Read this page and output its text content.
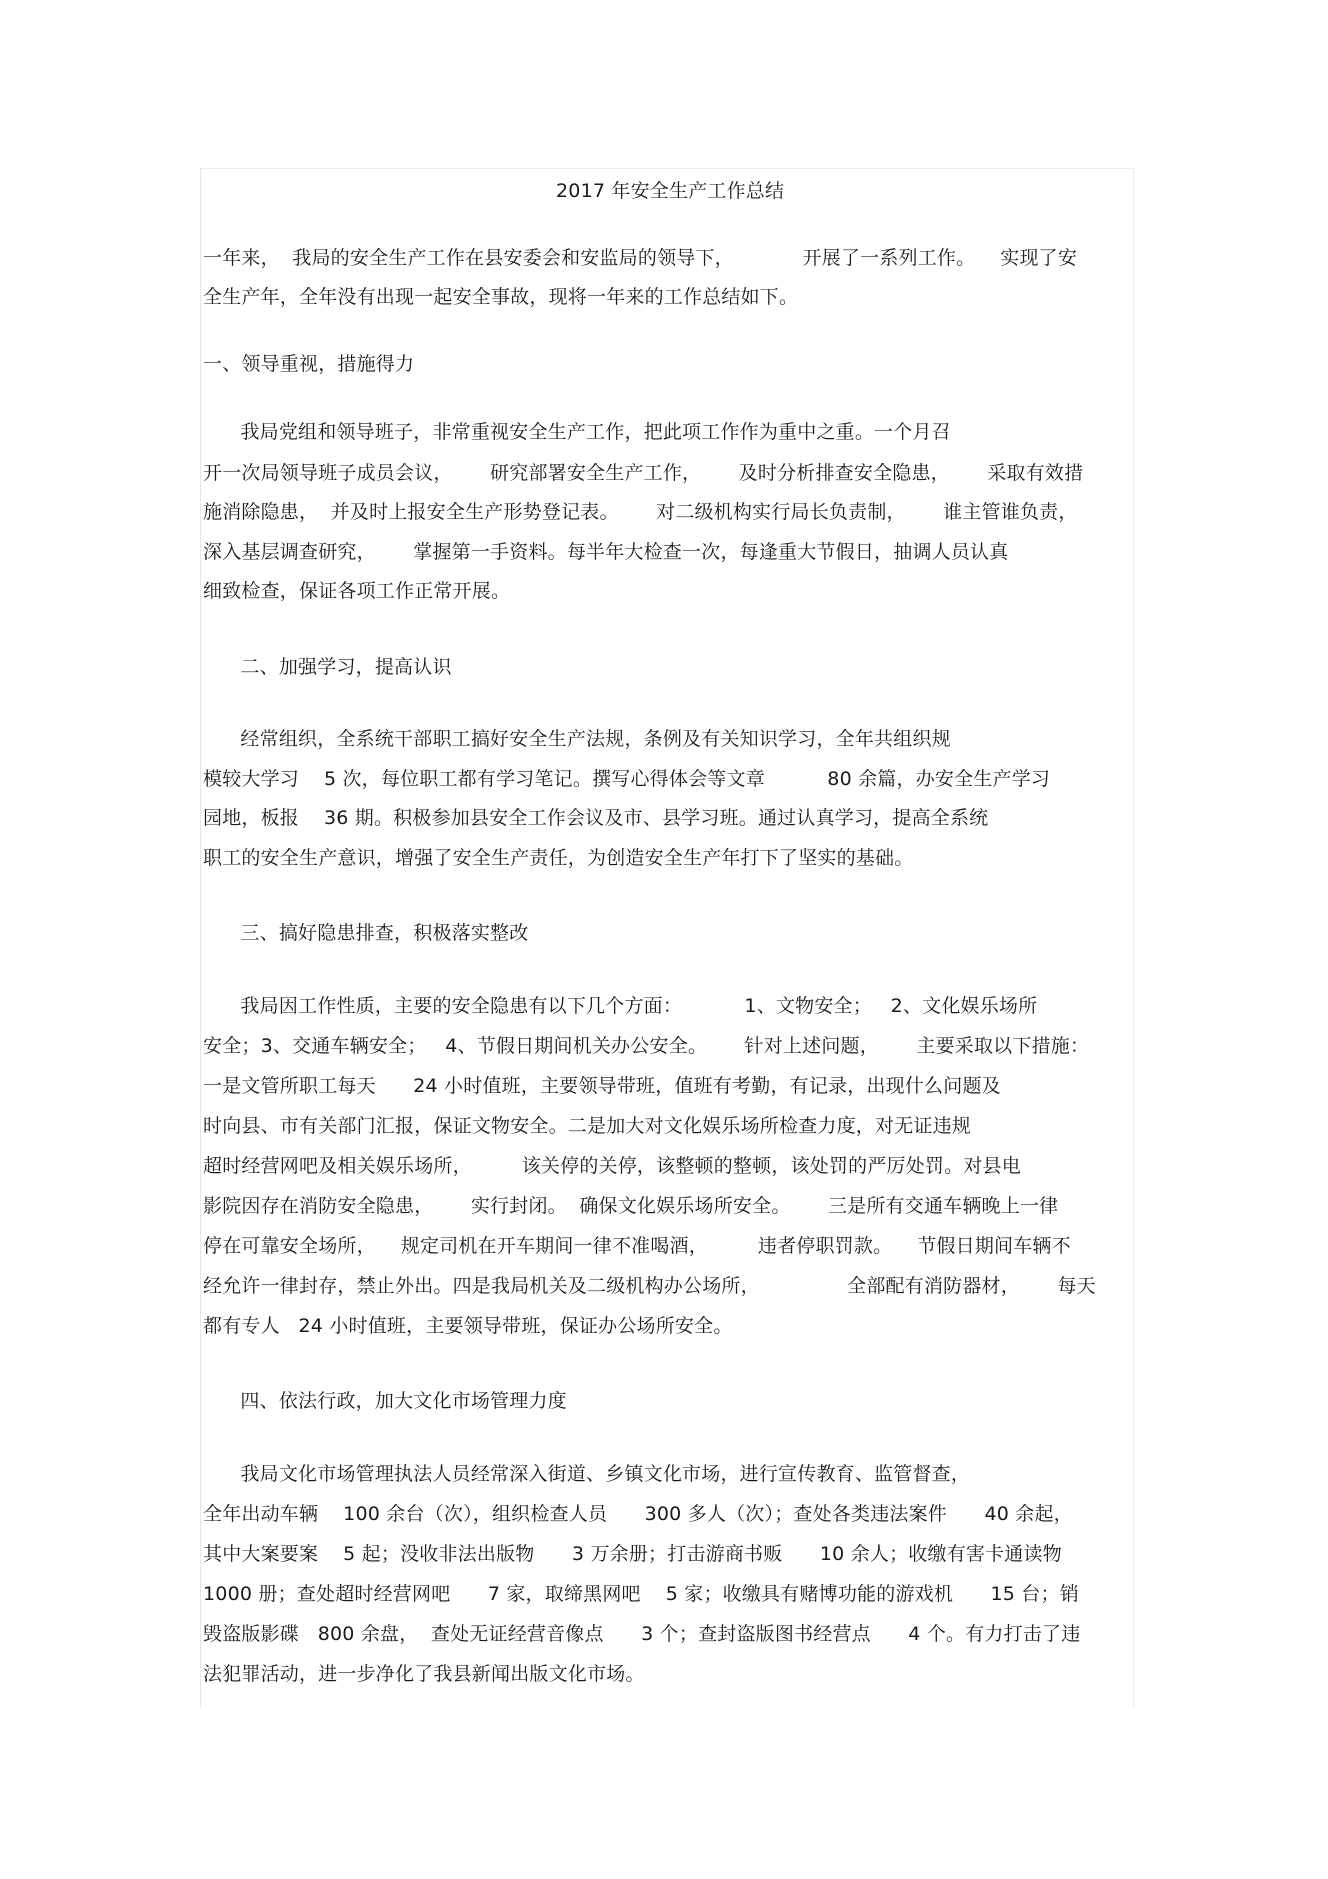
2017 年安全生产工作总结
一年来，  我局的安全生产工作在县安委会和安监局的领导下，           开展了一系列工作。    实现了安
全生产年，全年没有出现一起安全事故，现将一年来的工作总结如下。
一、领导重视，措施得力
我局党组和领导班子，非常重视安全生产工作，把此项工作作为重中之重。一个月召
开一次局领导班子成员会议，      研究部署安全生产工作，      及时分析排查安全隐患，      采取有效措
施消除隐患，  并及时上报安全生产形势登记表。      对二级机构实行局长负责制，      谁主管谁负责，
深入基层调查研究，      掌握第一手资料。每半年大检查一次，每逢重大节假日，抽调人员认真
细致检查，保证各项工作正常开展。
二、加强学习，提高认识
经常组织，全系统干部职工搞好安全生产法规，条例及有关知识学习，全年共组织规
模较大学习    5 次，每位职工都有学习笔记。撰写心得体会等文章          80 余篇，办安全生产学习
园地，板报    36 期。积极参加县安全工作会议及市、县学习班。通过认真学习，提高全系统
职工的安全生产意识，增强了安全生产责任，为创造安全生产年打下了坚实的基础。
三、搞好隐患排查，积极落实整改
我局因工作性质，主要的安全隐患有以下几个方面：          1、文物安全；   2、文化娱乐场所
安全；3、交通车辆安全；   4、节假日期间机关办公安全。      针对上述问题，      主要采取以下措施：
一是文管所职工每天      24 小时值班，主要领导带班，值班有考勤，有记录，出现什么问题及
时向县、市有关部门汇报，保证文物安全。二是加大对文化娱乐场所检查力度，对无证违规
超时经营网吧及相关娱乐场所，        该关停的关停，该整顿的整顿，该处罚的严厉处罚。对县电
影院因存在消防安全隐患，      实行封闭。  确保文化娱乐场所安全。      三是所有交通车辆晚上一律
停在可靠安全场所，    规定司机在开车期间一律不准喝酒，        违者停职罚款。    节假日期间车辆不
经允许一律封存，禁止外出。四是我局机关及二级机构办公场所，              全部配有消防器材，      每天
都有专人   24 小时值班，主要领导带班，保证办公场所安全。
四、依法行政，加大文化市场管理力度
我局文化市场管理执法人员经常深入街道、乡镇文化市场，进行宣传教育、监管督查，
全年出动车辆    100 余台（次），组织检查人员      300 多人（次）；查处各类违法案件      40 余起，
其中大案要案    5 起；没收非法出版物      3 万余册；打击游商书贩      10 余人；收缴有害卡通读物
1000 册；查处超时经营网吧      7 家，取缔黑网吧    5 家；收缴具有赌博功能的游戏机      15 台；销
毁盗版影碟   800 余盘，  查处无证经营音像点      3 个；查封盗版图书经营点      4 个。有力打击了违
法犯罪活动，进一步净化了我县新闻出版文化市场。
